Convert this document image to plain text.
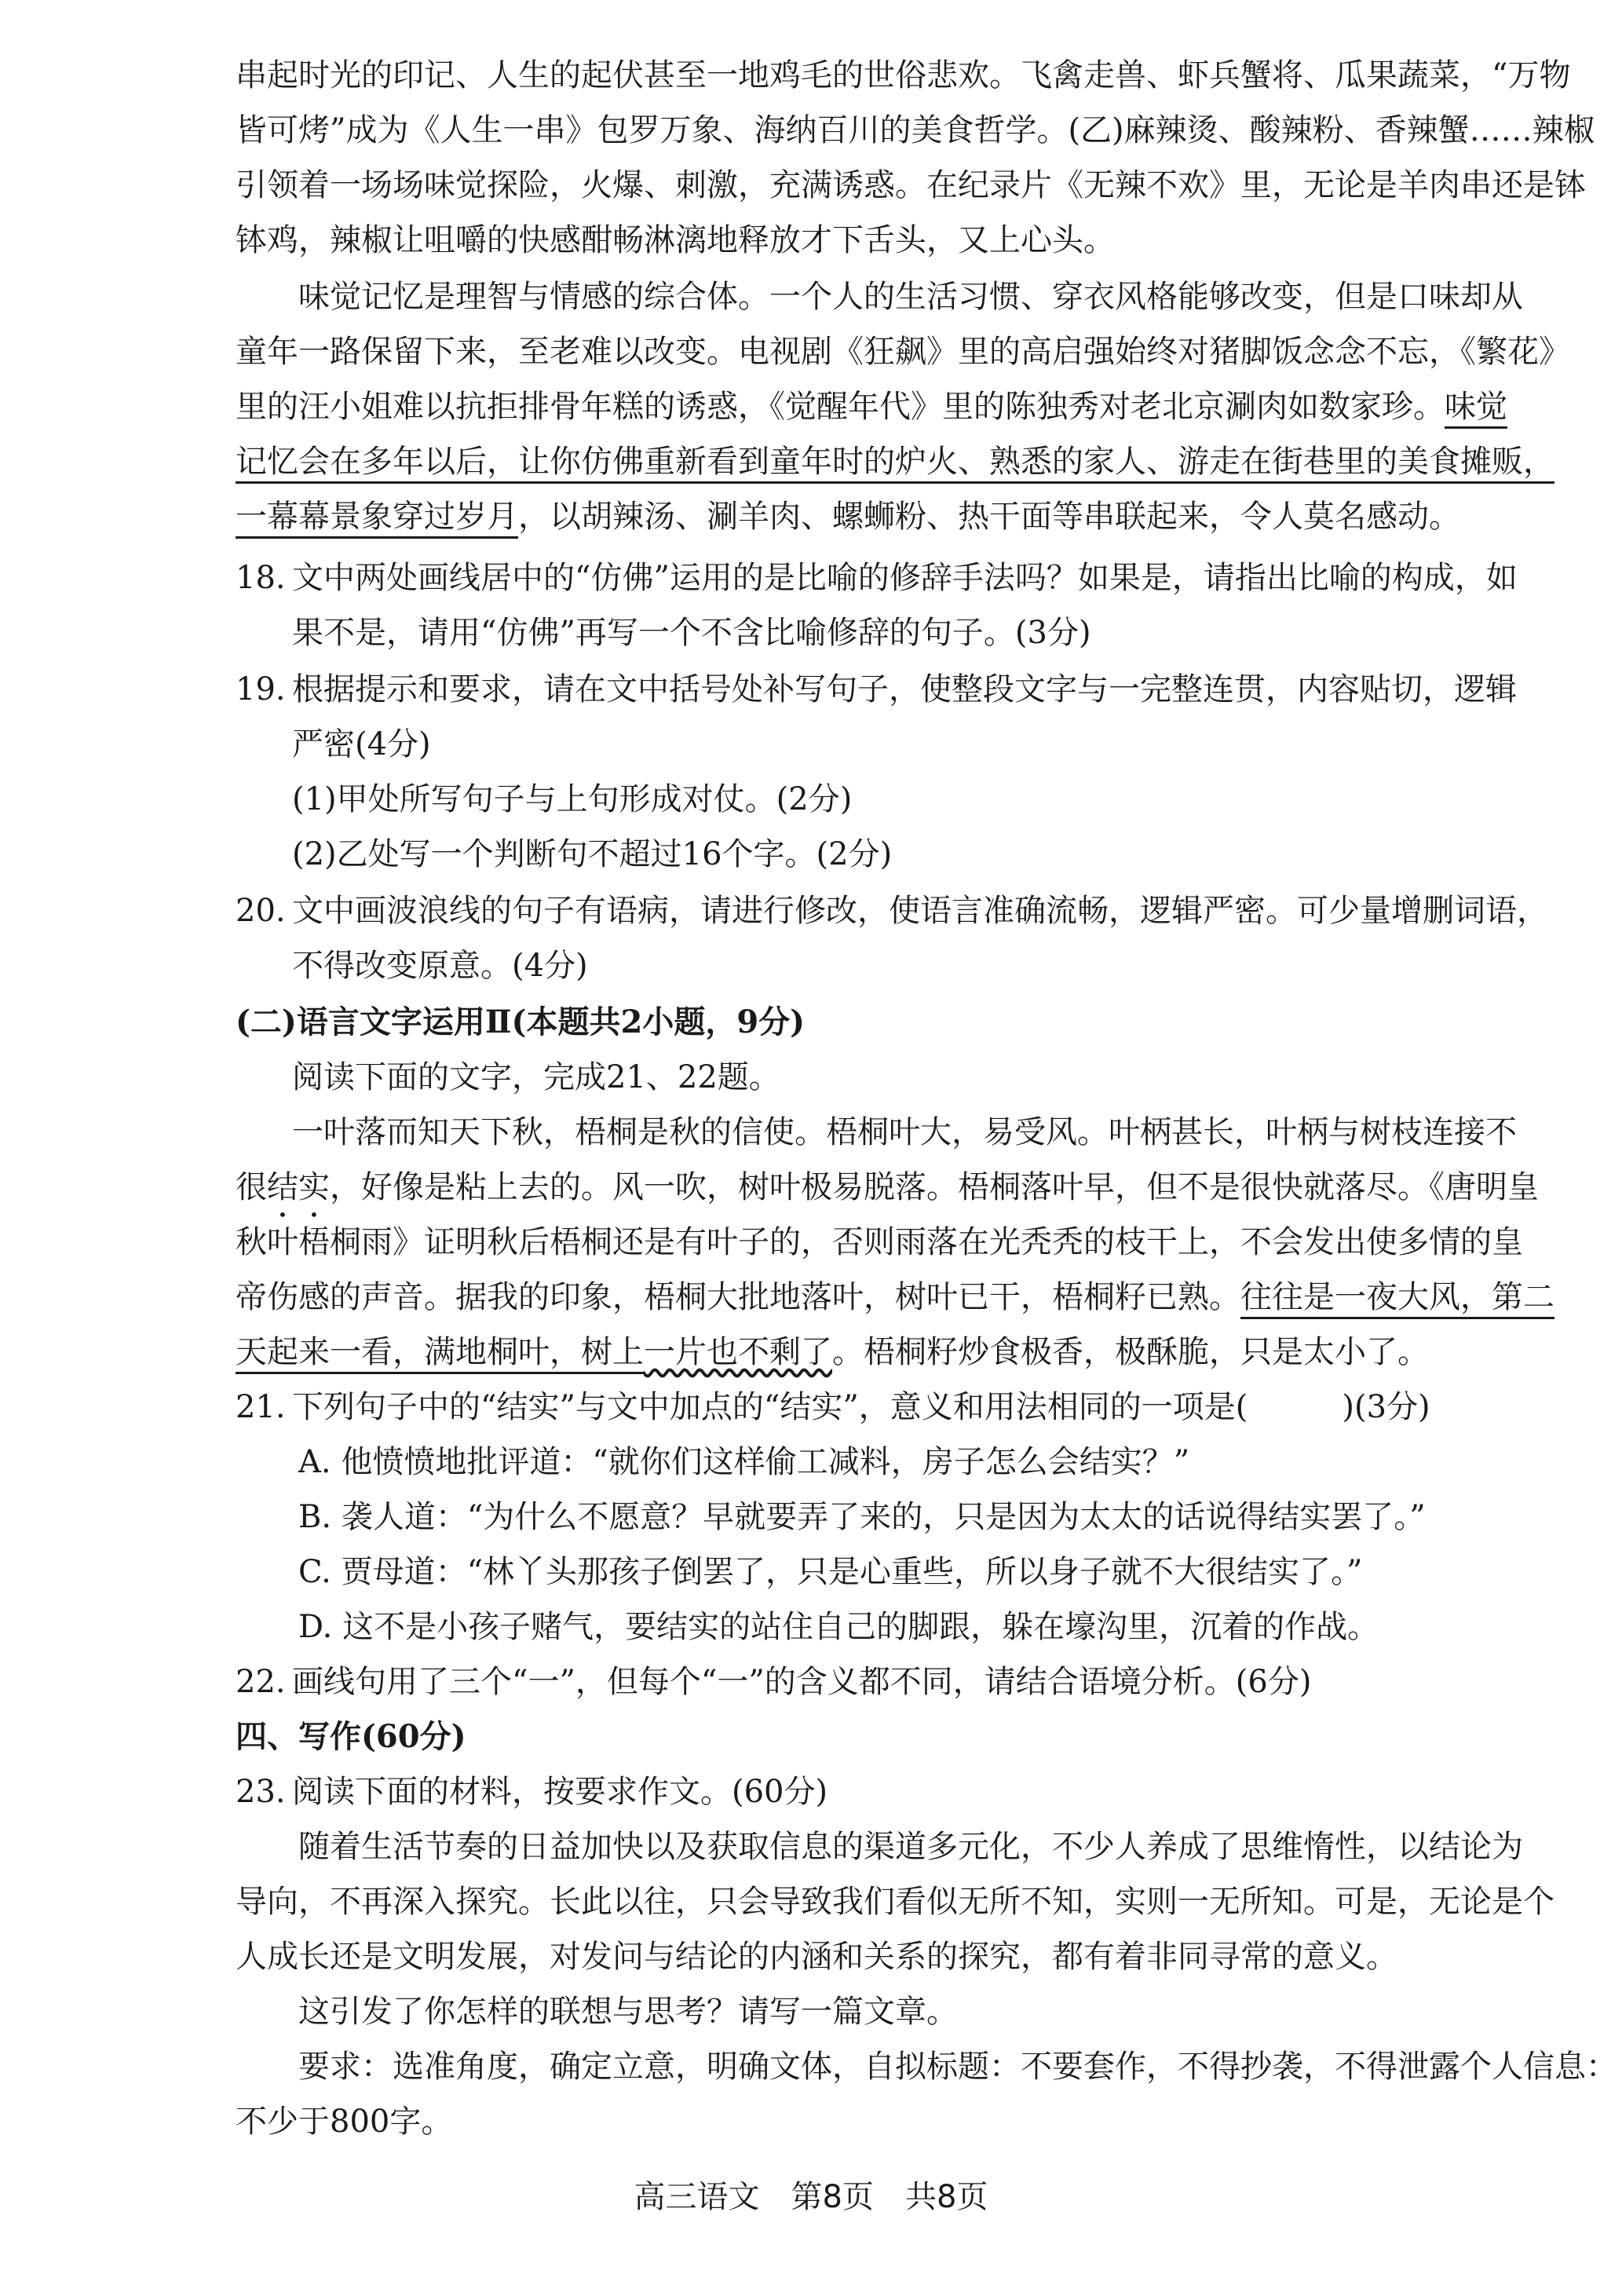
串起时光的印记、人生的起伏甚至一地鸡毛的世俗悲欢。飞禽走兽、虾兵蟹将、瓜果蔬菜，“万物
皆可烤”成为《人生一串》包罗万象、海纳百川的美食哲学。(乙)麻辣烫、酸辣粉、香辣蟹……辣椒
引领着一场场味觉探险，火爆、刺激，充满诱惑。在纪录片《无辣不欢》里，无论是羊肉串还是钵
钵鸡，辣椒让咀嚼的快感酣畅淋漓地释放才下舌头，又上心头。
味觉记忆是理智与情感的综合体。一个人的生活习惯、穿衣风格能够改变，但是口味却从
童年一路保留下来，至老难以改变。电视剧《狂飙》里的高启强始终对猪脚饭念念不忘，《繁花》
里的汪小姐难以抗拒排骨年糕的诱惑，《觉醒年代》里的陈独秀对老北京涮肉如数家珍。味觉
记忆会在多年以后，让你仿佛重新看到童年时的炉火、熟悉的家人、游走在街巷里的美食摊贩，
一幕幕景象穿过岁月，以胡辣汤、涮羊肉、螺蛳粉、热干面等串联起来，令人莫名感动。
18. 文中两处画线居中的“仿佛”运用的是比喻的修辞手法吗？如果是，请指出比喻的构成，如
果不是，请用“仿佛”再写一个不含比喻修辞的句子。(3分)
19. 根据提示和要求，请在文中括号处补写句子，使整段文字与一完整连贯，内容贴切，逻辑
严密(4分)
(1)甲处所写句子与上句形成对仗。(2分)
(2)乙处写一个判断句不超过16个字。(2分)
20. 文中画波浪线的句子有语病，请进行修改，使语言准确流畅，逻辑严密。可少量增删词语，
不得改变原意。(4分)
(二)语言文字运用Ⅱ(本题共2小题，9分)
阅读下面的文字，完成21、22题。
一叶落而知天下秋，梧桐是秋的信使。梧桐叶大，易受风。叶柄甚长，叶柄与树枝连接不
很结实，好像是粘上去的。风一吹，树叶极易脱落。梧桐落叶早，但不是很快就落尽。《唐明皇
秋叶梧桐雨》证明秋后梧桐还是有叶子的，否则雨落在光秃秃的枝干上，不会发出使多情的皇
帝伤感的声音。据我的印象，梧桐大批地落叶，树叶已干，梧桐籽已熟。往往是一夜大风，第二
天起来一看，满地桐叶，树上一片也不剩了。梧桐籽炒食极香，极酥脆，只是太小了。
21. 下列句子中的“结实”与文中加点的“结实”，意义和用法相同的一项是(　　　)(3分)
A. 他愤愤地批评道：“就你们这样偷工减料，房子怎么会结实？”
B. 袭人道：“为什么不愿意？早就要弄了来的，只是因为太太的话说得结实罢了。”
C. 贾母道：“林丫头那孩子倒罢了，只是心重些，所以身子就不大很结实了。”
D. 这不是小孩子赌气，要结实的站住自己的脚跟，躲在壕沟里，沉着的作战。
22. 画线句用了三个“一”，但每个“一”的含义都不同，请结合语境分析。(6分)
四、写作(60分)
23. 阅读下面的材料，按要求作文。(60分)
随着生活节奏的日益加快以及获取信息的渠道多元化，不少人养成了思维惰性，以结论为
导向，不再深入探究。长此以往，只会导致我们看似无所不知，实则一无所知。可是，无论是个
人成长还是文明发展，对发问与结论的内涵和关系的探究，都有着非同寻常的意义。
这引发了你怎样的联想与思考？请写一篇文章。
要求：选准角度，确定立意，明确文体，自拟标题：不要套作，不得抄袭，不得泄露个人信息：
不少于800字。
高三语文　第8页　共8页
